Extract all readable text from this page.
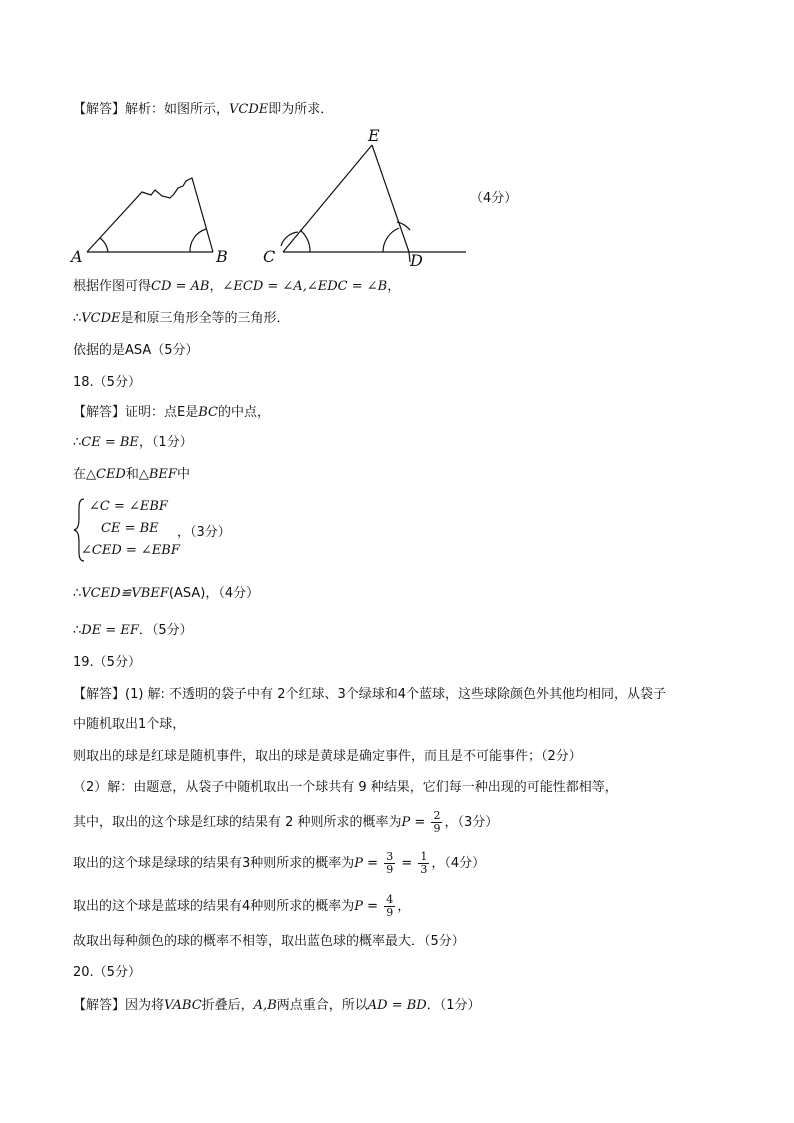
【解答】解析：如图所示，VCDE即为所求．
A	B C	D
E
（4分）
根据作图可得CD = AB，∠ECD = ∠A,∠EDC = ∠B，
∴VCDE是和原三角形全等的三角形．
依据的是ASA（5分）
18.（5分）
【解答】证明：点E是BC的中点，
∴CE = BE，（1分）
在△CED和△BEF中
∠C = ∠EBF
CE = BE
∠CED = ∠EBF
，（3分）
∴VCED≌VBEF(ASA)，（4分）
∴DE = EF．（5分）
19.（5分）
【解答】(1) 解: 不透明的袋子中有 2个红球、3个绿球和4个蓝球，这些球除颜色外其他均相同，从袋子
中随机取出1个球，
则取出的球是红球是随机事件，取出的球是黄球是确定事件，而且是不可能事件；（2分）
（2）解：由题意，从袋子中随机取出一个球共有 9 种结果，它们每一种出现的可能性都相等，
其中，取出的这个球是红球的结果有 2 种则所求的概率为$P = \frac{2}{9}$ ，（3分）
取出的这个球是绿球的结果有3种则所求的概率为$P = \frac{3}{9} = \frac{1}{3}$ ，（4分）
取出的这个球是蓝球的结果有4种则所求的概率为$P = \frac{4}{9}$ ，
故取出每种颜色的球的概率不相等，取出蓝色球的概率最大．（5分）
20.（5分）
【解答】因为将VABC折叠后，A,B两点重合，所以AD = BD．（1分）
